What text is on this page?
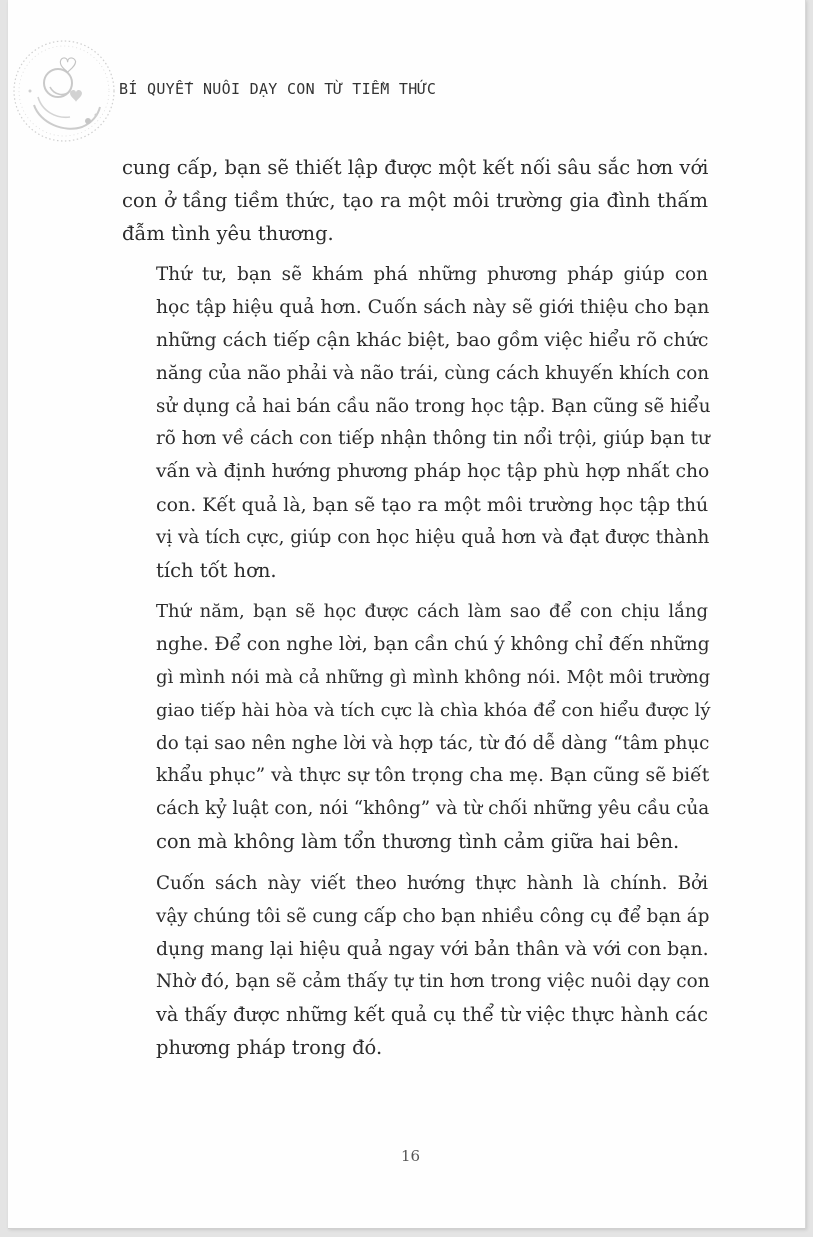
BÍ QUYẾT NUÔI DẠY CON TỪ TIỀM THỨC

cung cấp, bạn sẽ thiết lập được một kết nối sâu sắc hơn với
con ở tầng tiềm thức, tạo ra một môi trường gia đình thấm
đẫm tình yêu thương.

Thứ tư, bạn sẽ khám phá những phương pháp giúp con
học tập hiệu quả hơn. Cuốn sách này sẽ giới thiệu cho bạn
những cách tiếp cận khác biệt, bao gồm việc hiểu rõ chức
năng của não phải và não trái, cùng cách khuyến khích con
sử dụng cả hai bán cầu não trong học tập. Bạn cũng sẽ hiểu
rõ hơn về cách con tiếp nhận thông tin nổi trội, giúp bạn tư
vấn và định hướng phương pháp học tập phù hợp nhất cho
con. Kết quả là, bạn sẽ tạo ra một môi trường học tập thú
vị và tích cực, giúp con học hiệu quả hơn và đạt được thành
tích tốt hơn.

Thứ năm, bạn sẽ học được cách làm sao để con chịu lắng
nghe. Để con nghe lời, bạn cần chú ý không chỉ đến những
gì mình nói mà cả những gì mình không nói. Một môi trường
giao tiếp hài hòa và tích cực là chìa khóa để con hiểu được lý
do tại sao nên nghe lời và hợp tác, từ đó dễ dàng “tâm phục
khẩu phục” và thực sự tôn trọng cha mẹ. Bạn cũng sẽ biết
cách kỷ luật con, nói “không” và từ chối những yêu cầu của
con mà không làm tổn thương tình cảm giữa hai bên.

Cuốn sách này viết theo hướng thực hành là chính. Bởi
vậy chúng tôi sẽ cung cấp cho bạn nhiều công cụ để bạn áp
dụng mang lại hiệu quả ngay với bản thân và với con bạn.
Nhờ đó, bạn sẽ cảm thấy tự tin hơn trong việc nuôi dạy con
và thấy được những kết quả cụ thể từ việc thực hành các
phương pháp trong đó.

16
